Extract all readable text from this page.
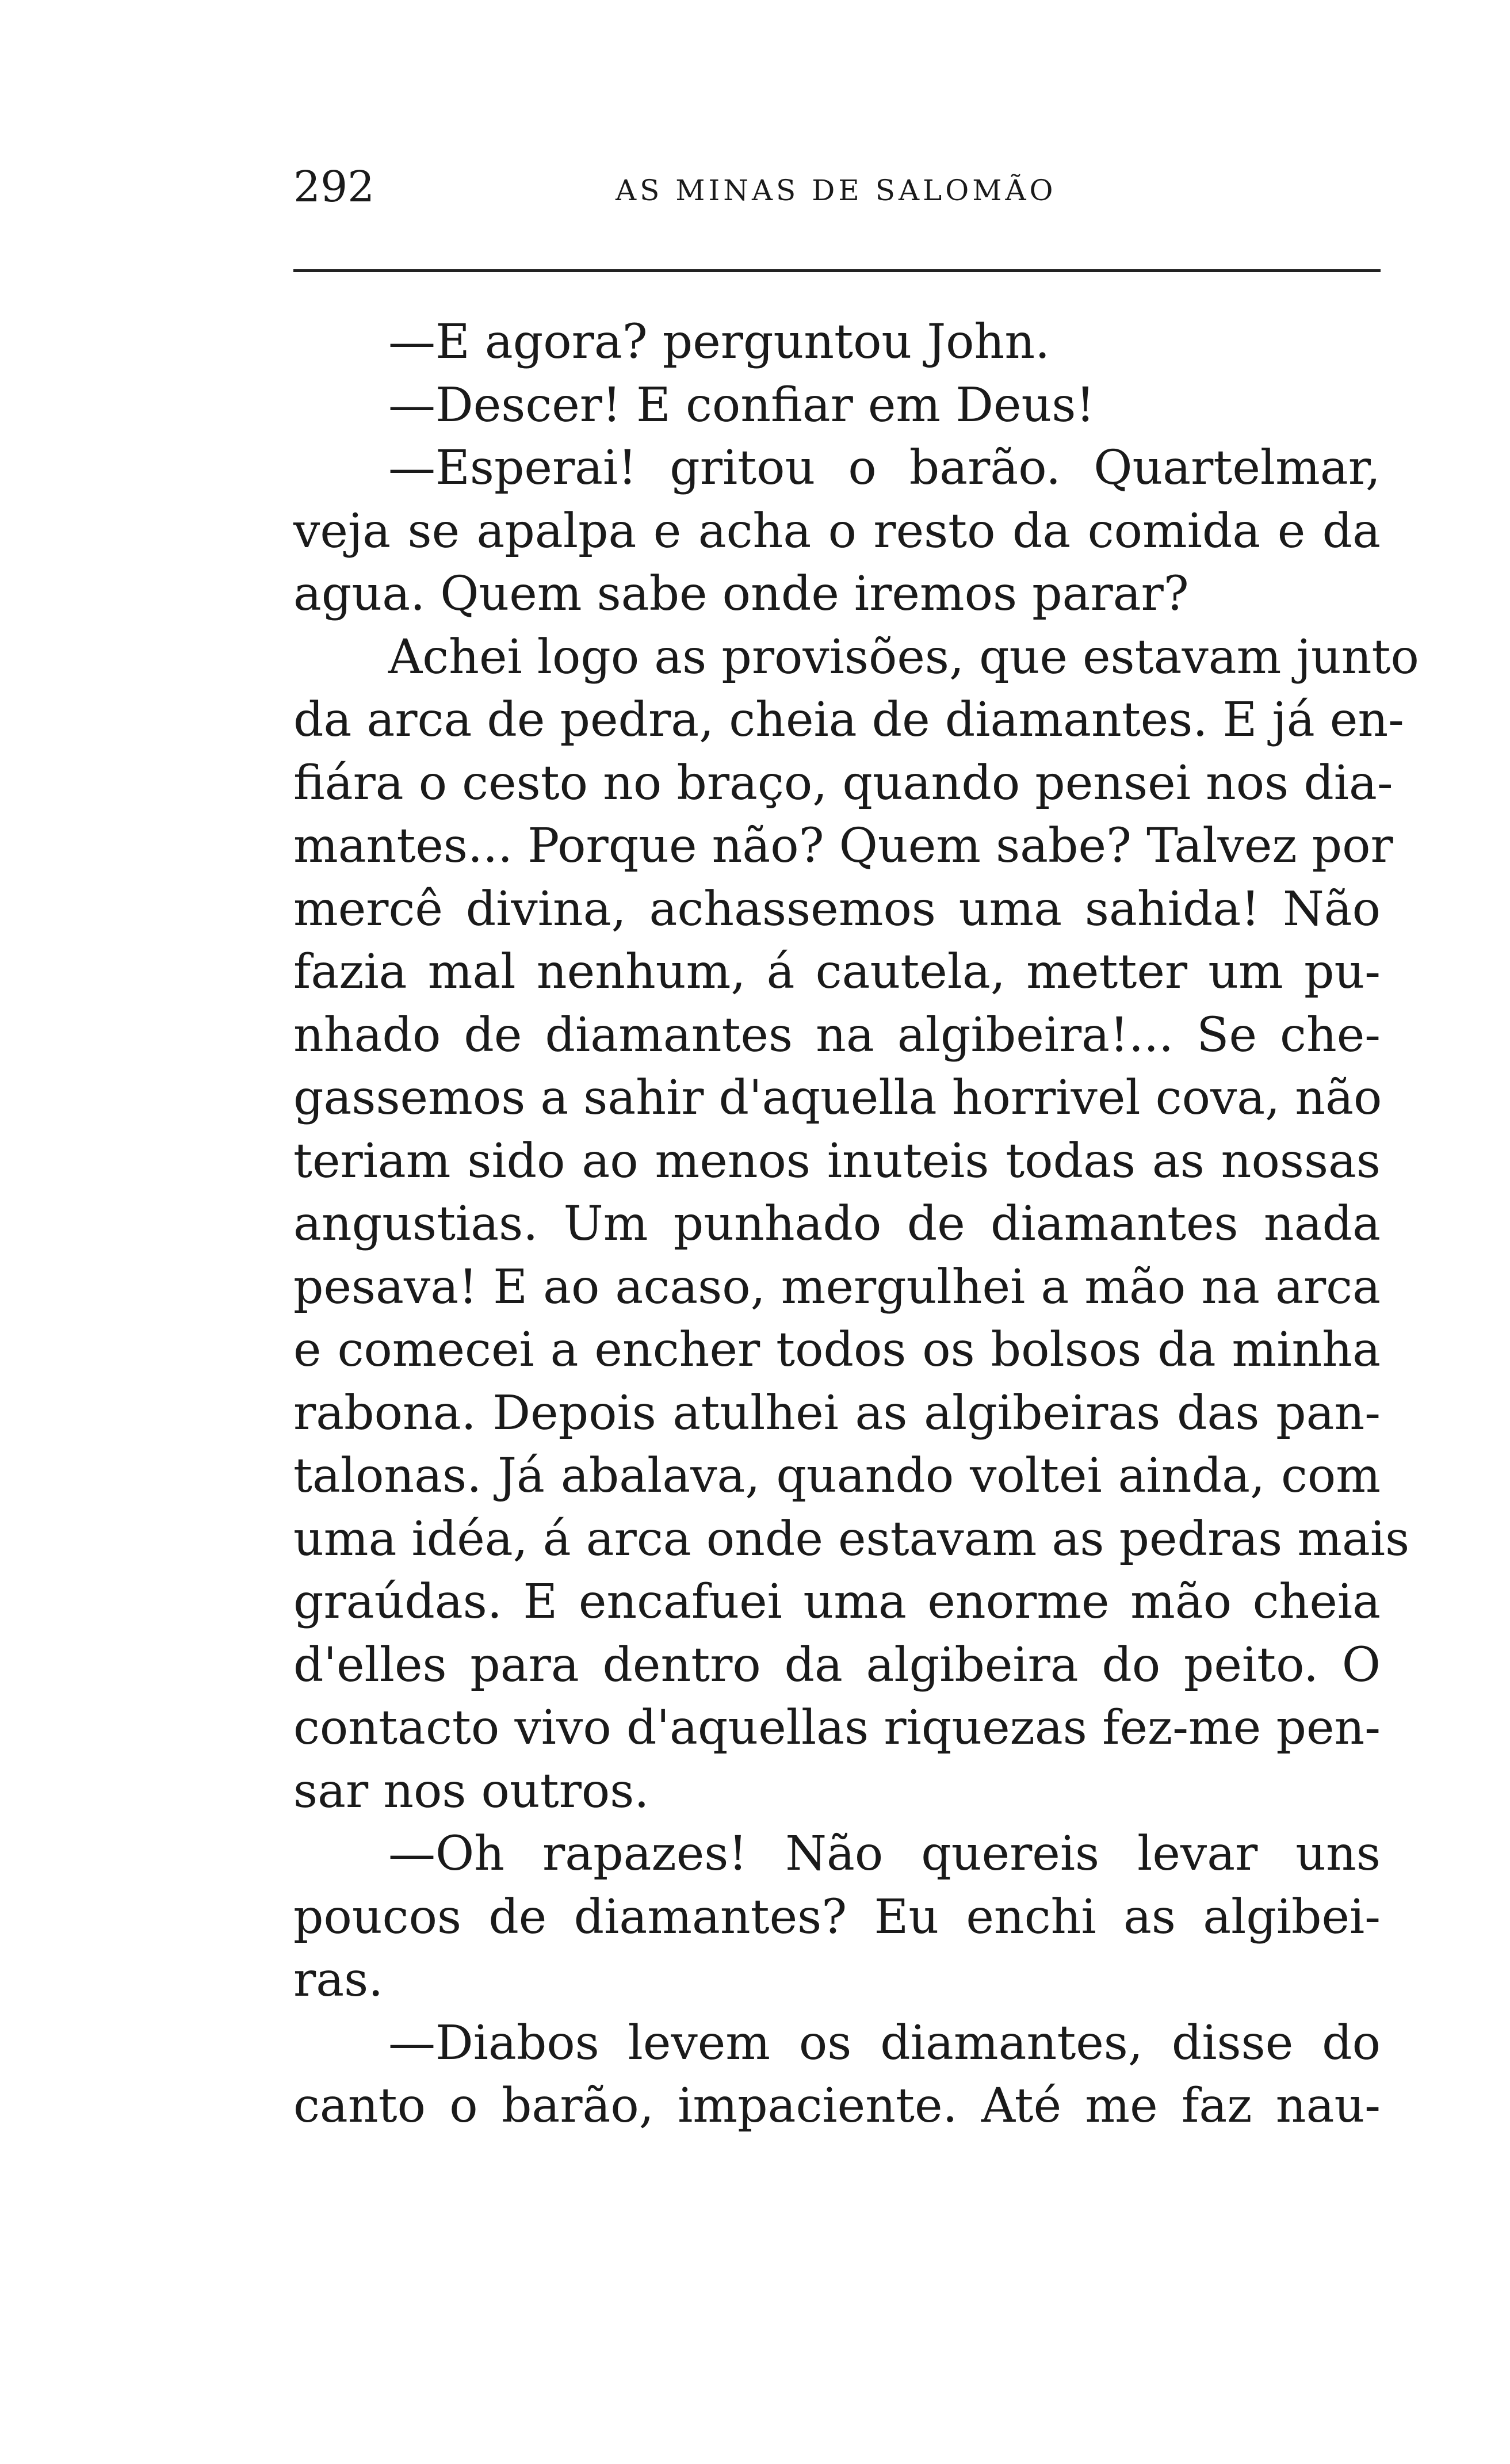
292	AS MINAS DE SALOMÃO
—E agora? perguntou John.
—Descer! E confiar em Deus!
—Esperai! gritou o barão. Quartelmar,
veja se apalpa e acha o resto da comida e da
agua. Quem sabe onde iremos parar?
Achei logo as provisões, que estavam junto
da arca de pedra, cheia de diamantes. E já en-
fiára o cesto no braço, quando pensei nos dia-
mantes... Porque não? Quem sabe? Talvez por
mercê divina, achassemos uma sahida! Não
fazia mal nenhum, á cautela, metter um pu-
nhado de diamantes na algibeira!... Se che-
gassemos a sahir d'aquella horrivel cova, não
teriam sido ao menos inuteis todas as nossas
angustias. Um punhado de diamantes nada
pesava! E ao acaso, mergulhei a mão na arca
e comecei a encher todos os bolsos da minha
rabona. Depois atulhei as algibeiras das pan-
talonas. Já abalava, quando voltei ainda, com
uma idéa, á arca onde estavam as pedras mais
graúdas. E encafuei uma enorme mão cheia
d'elles para dentro da algibeira do peito. O
contacto vivo d'aquellas riquezas fez-me pen-
sar nos outros.
—Oh rapazes! Não quereis levar uns
poucos de diamantes? Eu enchi as algibei-
ras.
—Diabos levem os diamantes, disse do
canto o barão, impaciente. Até me faz nau-
